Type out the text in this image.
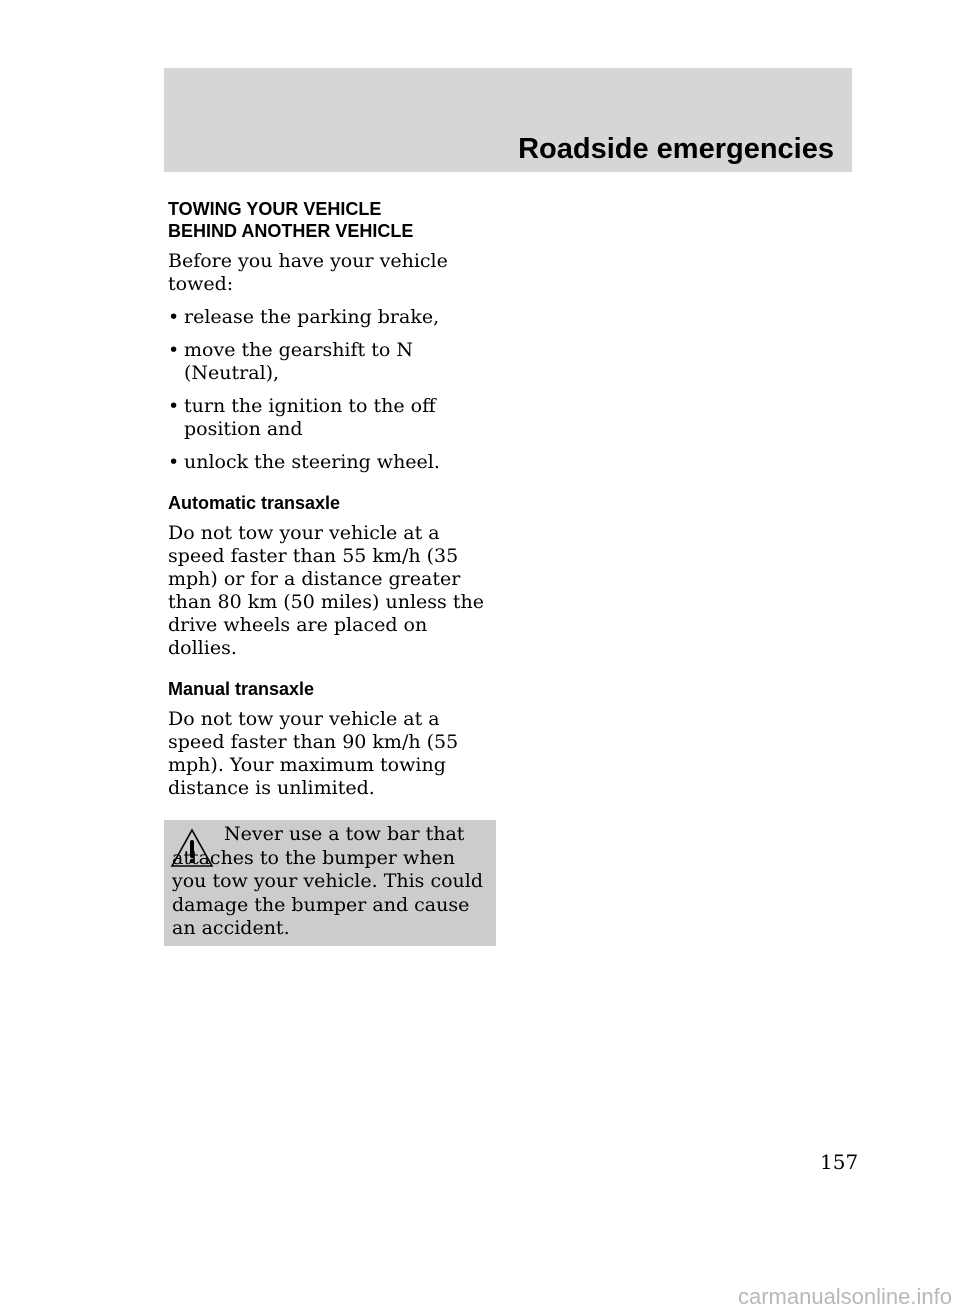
Roadside emergencies
TOWING YOUR VEHICLE
BEHIND ANOTHER VEHICLE

Before you have your vehicle towed:

• release the parking brake,
• move the gearshift to N (Neutral),
• turn the ignition to the off position and
• unlock the steering wheel.
Automatic transaxle

Do not tow your vehicle at a speed faster than 55 km/h (35 mph) or for a distance greater than 80 km (50 miles) unless the drive wheels are placed on dollies.

Manual transaxle

Do not tow your vehicle at a speed faster than 90 km/h (55 mph). Your maximum towing distance is unlimited.

Never use a tow bar that attaches to the bumper when you tow your vehicle. This could damage the bumper and cause an accident.
157
carmanualsonline.info
